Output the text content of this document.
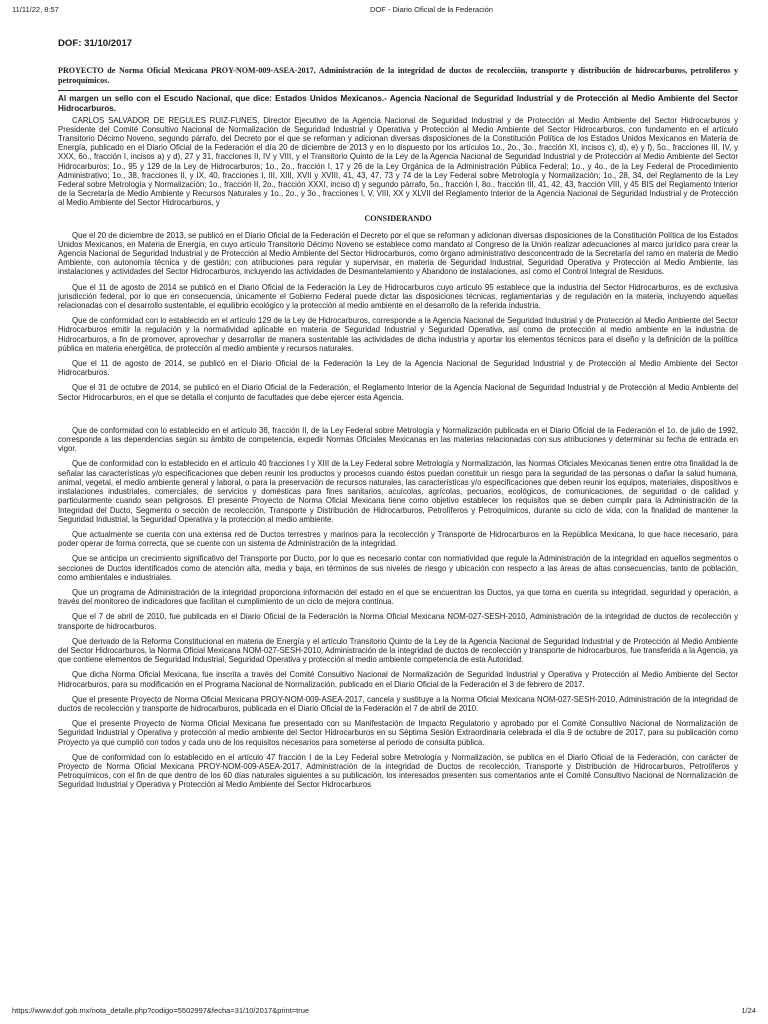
11/11/22, 8:57	DOF - Diario Oficial de la Federación
DOF: 31/10/2017
PROYECTO de Norma Oficial Mexicana PROY-NOM-009-ASEA-2017, Administración de la integridad de ductos de recolección, transporte y distribución de hidrocarburos, petrolíferos y petroquímicos.
Al margen un sello con el Escudo Nacional, que dice: Estados Unidos Mexicanos.- Agencia Nacional de Seguridad Industrial y de Protección al Medio Ambiente del Sector Hidrocarburos.

CARLOS SALVADOR DE REGULES RUIZ-FUNES, Director Ejecutivo de la Agencia Nacional de Seguridad Industrial y de Protección al Medio Ambiente del Sector Hidrocarburos y Presidente del Comité Consultivo Nacional de Normalización de Seguridad Industrial y Operativa y Protección al Medio Ambiente del Sector Hidrocarburos, con fundamento en el artículo Transitorio Décimo Noveno, segundo párrafo, del Decreto por el que se reforman y adicionan diversas disposiciones de la Constitución Política de los Estados Unidos Mexicanos en Materia de Energía, publicado en el Diario Oficial de la Federación el día 20 de diciembre de 2013 y en lo dispuesto por los artículos 1o., 2o., 3o., fracción XI, incisos c), d), e) y f), 5o., fracciones III, IV, y XXX, 6o., fracción I, incisos a) y d), 27 y 31, fracciones II, IV y VIII, y el Transitorio Quinto de la Ley de la Agencia Nacional de Seguridad Industrial y de Protección al Medio Ambiente del Sector Hidrocarburos; 1o., 95 y 129 de la Ley de Hidrocarburos; 1o., 2o., fracción I, 17 y 26 de la Ley Orgánica de la Administración Pública Federal; 1o., y 4o., de la Ley Federal de Procedimiento Administrativo; 1o., 38, fracciones II, y IX, 40, fracciones I, III, XIII, XVII y XVIII, 41, 43, 47, 73 y 74 de la Ley Federal sobre Metrología y Normalización; 1o., 28, 34, del Reglamento de la Ley Federal sobre Metrología y Normalización; 1o., fracción II, 2o., fracción XXXI, inciso d) y segundo párrafo, 5o., fracción I, 8o., fracción III, 41, 42, 43, fracción VIII, y 45 BIS del Reglamento Interior de la Secretaría de Medio Ambiente y Recursos Naturales y 1o., 2o., y 3o., fracciones I, V, VIII, XX y XLVII del Reglamento Interior de la Agencia Nacional de Seguridad Industrial y de Protección al Medio Ambiente del Sector Hidrocarburos, y

CONSIDERANDO

Que el 20 de diciembre de 2013, se publicó en el Diario Oficial de la Federación el Decreto por el que se reforman y adicionan diversas disposiciones de la Constitución Política de los Estados Unidos Mexicanos, en Materia de Energía, en cuyo artículo Transitorio Décimo Noveno se establece como mandato al Congreso de la Unión realizar adecuaciones al marco jurídico para crear la Agencia Nacional de Seguridad Industrial y de Protección al Medio Ambiente del Sector Hidrocarburos, como órgano administrativo desconcentrado de la Secretaría del ramo en materia de Medio Ambiente, con autonomía técnica y de gestión; con atribuciones para regular y supervisar, en materia de Seguridad Industrial, Seguridad Operativa y Protección al Medio Ambiente, las instalaciones y actividades del Sector Hidrocarburos, incluyendo las actividades de Desmantelamiento y Abandono de instalaciones, así como el Control Integral de Residuos.

Que el 11 de agosto de 2014 se publicó en el Diario Oficial de la Federación la Ley de Hidrocarburos cuyo artículo 95 establece que la industria del Sector Hidrocarburos, es de exclusiva jurisdicción federal, por lo que en consecuencia, únicamente el Gobierno Federal puede dictar las disposiciones técnicas, reglamentarias y de regulación en la materia, incluyendo aquellas relacionadas con el desarrollo sustentable, el equilibrio ecológico y la protección al medio ambiente en el desarrollo de la referida industria.

Que de conformidad con lo establecido en el artículo 129 de la Ley de Hidrocarburos, corresponde a la Agencia Nacional de Seguridad Industrial y de Protección al Medio Ambiente del Sector Hidrocarburos emitir la regulación y la normatividad aplicable en materia de Seguridad Industrial y Seguridad Operativa, así como de protección al medio ambiente en la industria de Hidrocarburos, a fin de promover, aprovechar y desarrollar de manera sustentable las actividades de dicha industria y aportar los elementos técnicos para el diseño y la definición de la política pública en materia energética, de protección al medio ambiente y recursos naturales.

Que el 11 de agosto de 2014, se publicó en el Diario Oficial de la Federación la Ley de la Agencia Nacional de Seguridad Industrial y de Protección al Medio Ambiente del Sector Hidrocarburos.

Que el 31 de octubre de 2014, se publicó en el Diario Oficial de la Federación, el Reglamento Interior de la Agencia Nacional de Seguridad Industrial y de Protección al Medio Ambiente del Sector Hidrocarburos, en el que se detalla el conjunto de facultades que debe ejercer esta Agencia.

Que de conformidad con lo establecido en el artículo 38, fracción II, de la Ley Federal sobre Metrología y Normalización publicada en el Diario Oficial de la Federación el 1o. de julio de 1992, corresponde a las dependencias según su ámbito de competencia, expedir Normas Oficiales Mexicanas en las materias relacionadas con sus atribuciones y determinar su fecha de entrada en vigor.

Que de conformidad con lo establecido en el artículo 40 fracciones I y XIII de la Ley Federal sobre Metrología y Normalización, las Normas Oficiales Mexicanas tienen entre otra finalidad la de señalar las características y/o especificaciones que deben reunir los productos y procesos cuando éstos puedan constituir un riesgo para la seguridad de las personas o dañar la salud humana, animal, vegetal, el medio ambiente general y laboral, o para la preservación de recursos naturales, las características y/o especificaciones que deben reunir los equipos, materiales, dispositivos e instalaciones industriales, comerciales, de servicios y domésticas para fines sanitarios, acuícolas, agrícolas, pecuarios, ecológicos, de comunicaciones, de seguridad o de calidad y particularmente cuando sean peligrosos. El presente Proyecto de Norma Oficial Mexicana tiene como objetivo establecer los requisitos que se deben cumplir para la Administración de la Integridad del Ducto, Segmento o sección de recolección, Transporte y Distribución de Hidrocarburos, Petrolíferos y Petroquímicos, durante su ciclo de vida; con la finalidad de mantener la Seguridad Industrial, la Seguridad Operativa y la protección al medio ambiente.

Que actualmente se cuenta con una extensa red de Ductos terrestres y marinos para la recolección y Transporte de Hidrocarburos en la República Mexicana, lo que hace necesario, para poder operar de forma correcta, que se cuente con un sistema de Administración de la integridad.

Que se anticipa un crecimiento significativo del Transporte por Ducto, por lo que es necesario contar con normatividad que regule la Administración de la integridad en aquellos segmentos o secciones de Ductos identificados como de atención alta, media y baja, en términos de sus niveles de riesgo y ubicación con respecto a las áreas de altas consecuencias, tanto de población, como ambientales e industriales.

Que un programa de Administración de la integridad proporciona información del estado en el que se encuentran los Ductos, ya que toma en cuenta su integridad, seguridad y operación, a través del monitoreo de indicadores que facilitan el cumplimiento de un ciclo de mejora continua.

Que el 7 de abril de 2010, fue publicada en el Diario Oficial de la Federación la Norma Oficial Mexicana NOM-027-SESH-2010, Administración de la integridad de ductos de recolección y transporte de hidrocarburos.

Que derivado de la Reforma Constitucional en materia de Energía y el artículo Transitorio Quinto de la Ley de la Agencia Nacional de Seguridad Industrial y de Protección al Medio Ambiente del Sector Hidrocarburos, la Norma Oficial Mexicana NOM-027-SESH-2010, Administración de la integridad de ductos de recolección y transporte de hidrocarburos, fue transferida a la Agencia, ya que contiene elementos de Seguridad Industrial, Seguridad Operativa y protección al medio ambiente competencia de esta Autoridad.

Que dicha Norma Oficial Mexicana, fue inscrita a través del Comité Consultivo Nacional de Normalización de Seguridad Industrial y Operativa y Protección al Medio Ambiente del Sector Hidrocarburos, para su modificación en el Programa Nacional de Normalización, publicado en el Diario Oficial de la Federación el 3 de febrero de 2017.

Que el presente Proyecto de Norma Oficial Mexicana PROY-NOM-009-ASEA-2017, cancela y sustituye a la Norma Oficial Mexicana NOM-027-SESH-2010, Administración de la integridad de ductos de recolección y transporte de hidrocarburos, publicada en el Diario Oficial de la Federación el 7 de abril de 2010.

Que el presente Proyecto de Norma Oficial Mexicana fue presentado con su Manifestación de Impacto Regulatorio y aprobado por el Comité Consultivo Nacional de Normalización de Seguridad Industrial y Operativa y protección al medio ambiente del Sector Hidrocarburos en su Séptima Sesión Extraordinaria celebrada el día 9 de octubre de 2017, para su publicación como Proyecto ya que cumplió con todos y cada uno de los requisitos necesarios para someterse al periodo de consulta pública.

Que de conformidad con lo establecido en el artículo 47 fracción I de la Ley Federal sobre Metrología y Normalización, se publica en el Diario Oficial de la Federación, con carácter de Proyecto de Norma Oficial Mexicana PROY-NOM-009-ASEA-2017, Administración de la integridad de Ductos de recolección, Transporte y Distribución de Hidrocarburos, Petrolíferos y Petroquímicos, con el fin de que dentro de los 60 días naturales siguientes a su publicación, los interesados presenten sus comentarios ante el Comité Consultivo Nacional de Normalización de Seguridad Industrial y Operativa y Protección al Medio Ambiente del Sector Hidrocarburos

https://www.dof.gob.mx/nota_detalle.php?codigo=5502997&fecha=31/10/2017&print=true	1/24
